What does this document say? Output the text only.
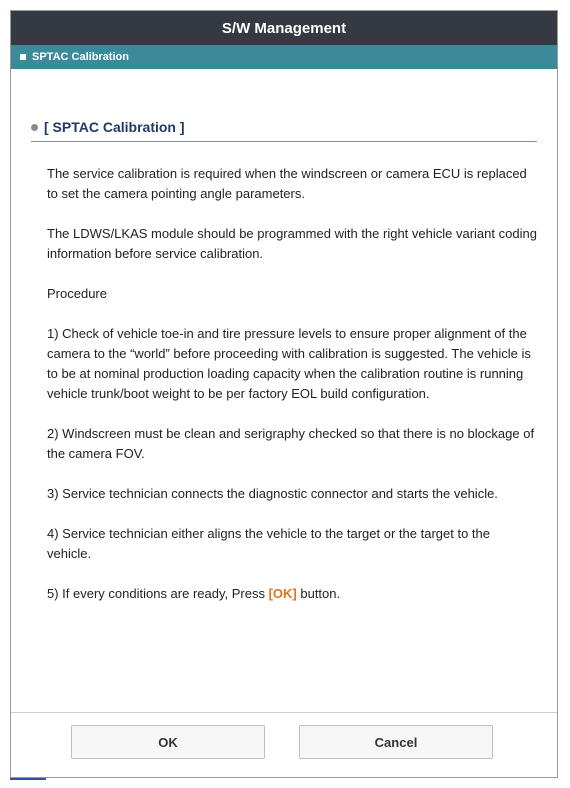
S/W Management
SPTAC Calibration
[ SPTAC Calibration ]

The service calibration is required when the windscreen or camera ECU is replaced to set the camera pointing angle parameters.

The LDWS/LKAS module should be programmed with the right vehicle variant coding information before service calibration.

Procedure

1) Check of vehicle toe-in and tire pressure levels to ensure proper alignment of the camera to the “world” before proceeding with calibration is suggested. The vehicle is to be at nominal production loading capacity when the calibration routine is running vehicle trunk/boot weight to be per factory EOL build configuration.

2) Windscreen must be clean and serigraphy checked so that there is no blockage of the camera FOV.

3) Service technician connects the diagnostic connector and starts the vehicle.

4) Service technician either aligns the vehicle to the target or the target to the vehicle.

5) If every conditions are ready, Press [OK] button.

OK	Cancel
